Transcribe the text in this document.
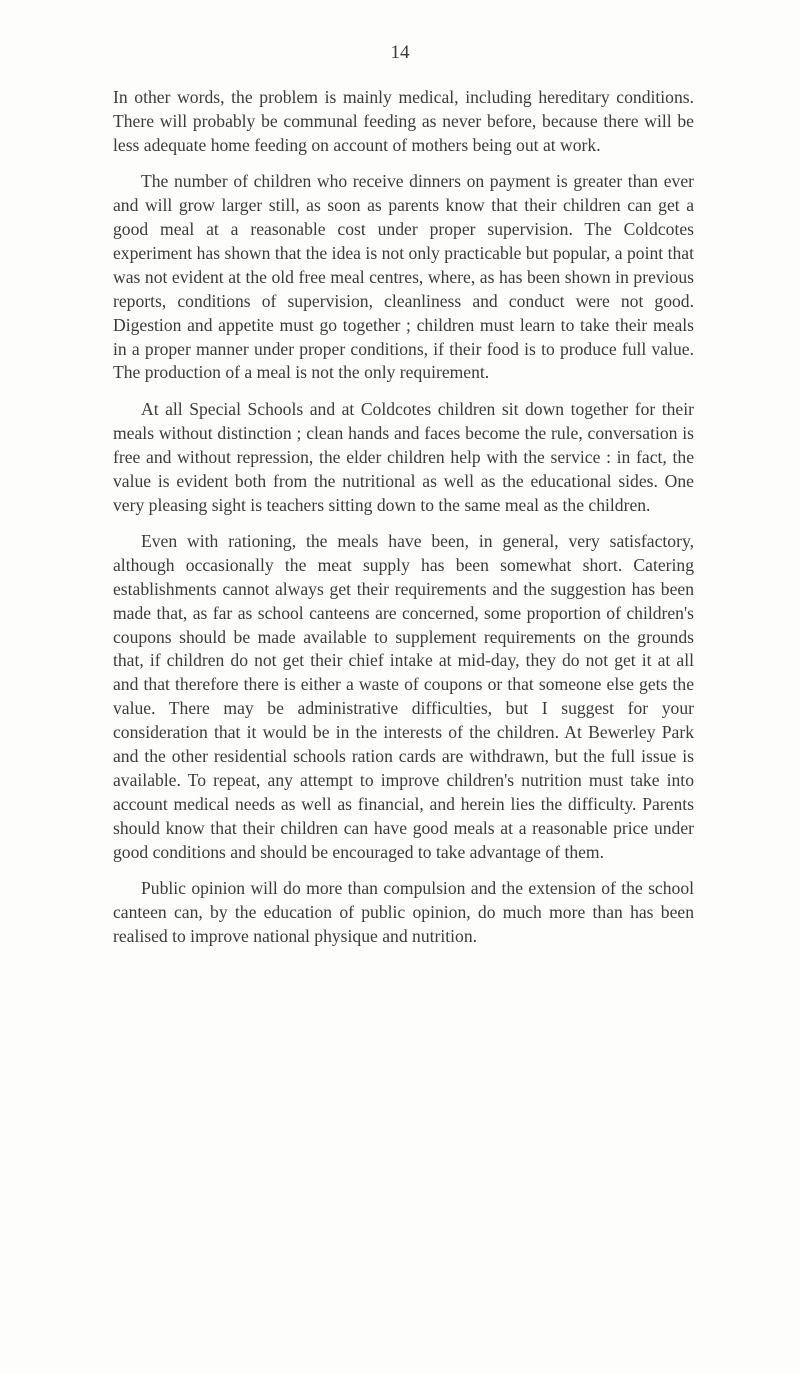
14

In other words, the problem is mainly medical, including hereditary conditions. There will probably be communal feeding as never before, because there will be less adequate home feeding on account of mothers being out at work.

The number of children who receive dinners on payment is greater than ever and will grow larger still, as soon as parents know that their children can get a good meal at a reasonable cost under proper supervision. The Coldcotes experiment has shown that the idea is not only practicable but popular, a point that was not evident at the old free meal centres, where, as has been shown in previous reports, conditions of supervision, cleanliness and conduct were not good. Digestion and appetite must go together ; children must learn to take their meals in a proper manner under proper conditions, if their food is to produce full value. The production of a meal is not the only requirement.

At all Special Schools and at Coldcotes children sit down together for their meals without distinction ; clean hands and faces become the rule, conversation is free and without repression, the elder children help with the service : in fact, the value is evident both from the nutritional as well as the educational sides. One very pleasing sight is teachers sitting down to the same meal as the children.

Even with rationing, the meals have been, in general, very satisfactory, although occasionally the meat supply has been somewhat short. Catering establishments cannot always get their requirements and the suggestion has been made that, as far as school canteens are concerned, some proportion of children's coupons should be made available to supplement requirements on the grounds that, if children do not get their chief intake at mid-day, they do not get it at all and that therefore there is either a waste of coupons or that someone else gets the value. There may be administrative difficulties, but I suggest for your consideration that it would be in the interests of the children. At Bewerley Park and the other residential schools ration cards are withdrawn, but the full issue is available. To repeat, any attempt to improve children's nutrition must take into account medical needs as well as financial, and herein lies the difficulty. Parents should know that their children can have good meals at a reasonable price under good conditions and should be encouraged to take advantage of them.

Public opinion will do more than compulsion and the extension of the school canteen can, by the education of public opinion, do much more than has been realised to improve national physique and nutrition.
